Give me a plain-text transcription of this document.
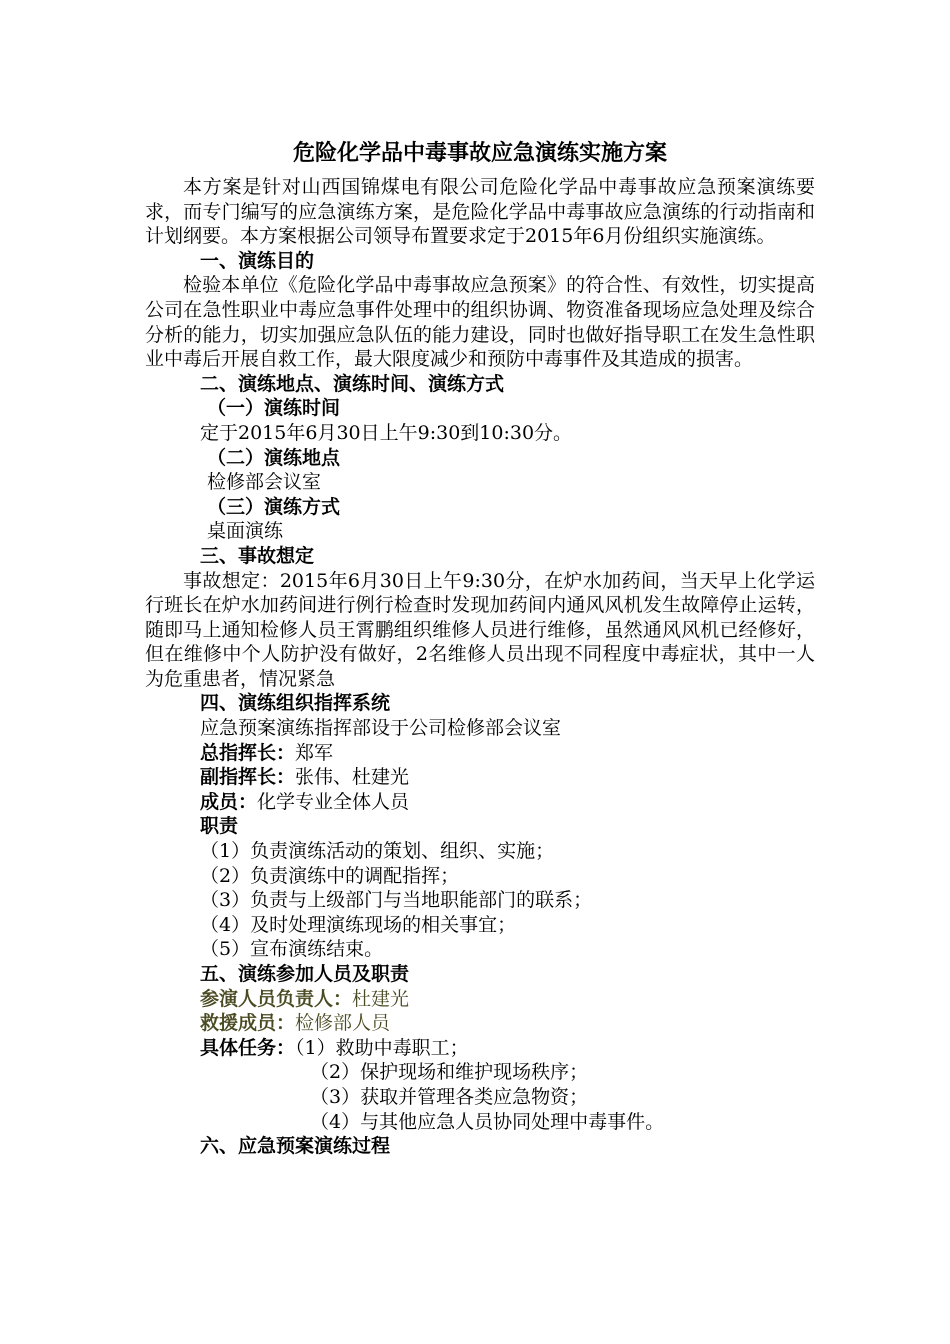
危险化学品中毒事故应急演练实施方案

本方案是针对山西国锦煤电有限公司危险化学品中毒事故应急预案演练要求，而专门编写的应急演练方案，是危险化学品中毒事故应急演练的行动指南和计划纲要。本方案根据公司领导布置要求定于2015年6月份组织实施演练。

一、演练目的

检验本单位《危险化学品中毒事故应急预案》的符合性、有效性，切实提高公司在急性职业中毒应急事件处理中的组织协调、物资准备现场应急处理及综合分析的能力，切实加强应急队伍的能力建设，同时也做好指导职工在发生急性职业中毒后开展自救工作，最大限度减少和预防中毒事件及其造成的损害。

二、演练地点、演练时间、演练方式

（一）演练时间

定于2015年6月30日上午9:30到10:30分。

（二）演练地点

检修部会议室

（三）演练方式

桌面演练

三、事故想定

事故想定：2015年6月30日上午9:30分，在炉水加药间，当天早上化学运行班长在炉水加药间进行例行检查时发现加药间内通风风机发生故障停止运转，随即马上通知检修人员王霄鹏组织维修人员进行维修，虽然通风风机已经修好，但在维修中个人防护没有做好，2名维修人员出现不同程度中毒症状，其中一人为危重患者，情况紧急

四、演练组织指挥系统

应急预案演练指挥部设于公司检修部会议室

总指挥长：郑军

副指挥长：张伟、杜建光

成员：化学专业全体人员

职责

（1）负责演练活动的策划、组织、实施；

（2）负责演练中的调配指挥；

（3）负责与上级部门与当地职能部门的联系；

（4）及时处理演练现场的相关事宜；

（5）宣布演练结束。

五、演练参加人员及职责

参演人员负责人：杜建光

救援成员：检修部人员

具体任务：（1）救助中毒职工；

（2）保护现场和维护现场秩序；

（3）获取并管理各类应急物资；

（4）与其他应急人员协同处理中毒事件。

六、应急预案演练过程
